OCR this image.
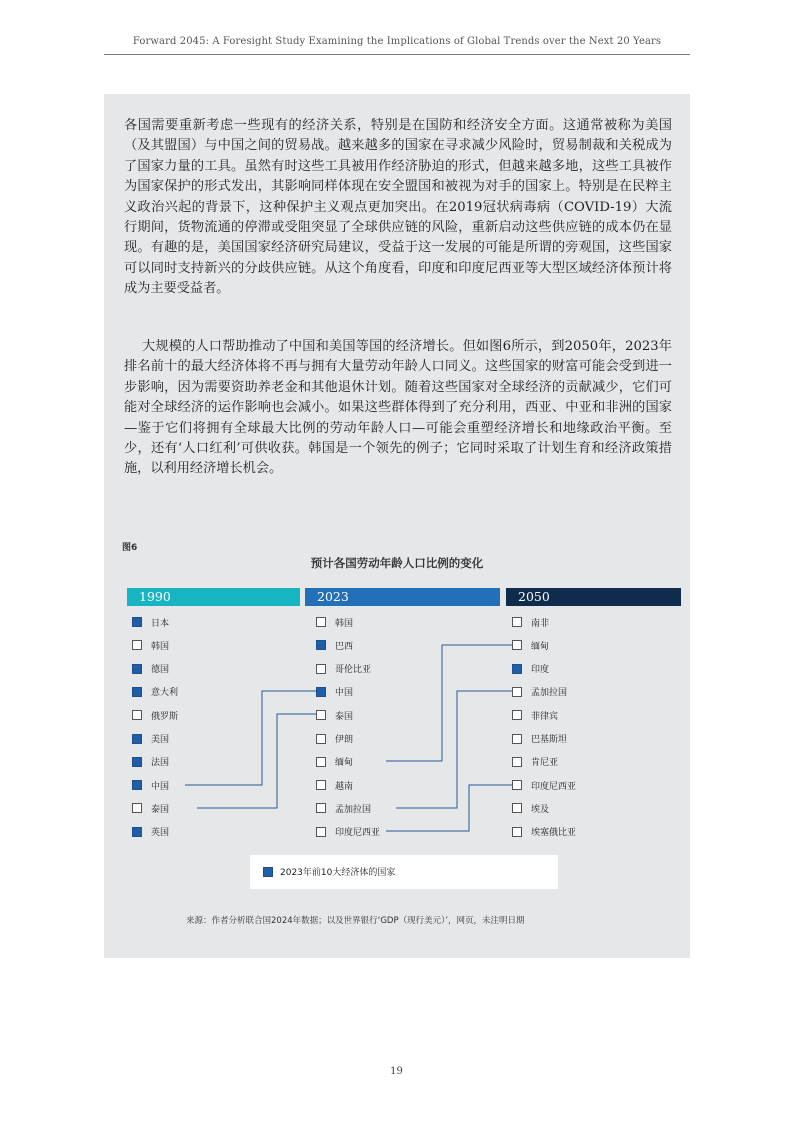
Forward 2045: A Foresight Study Examining the Implications of Global Trends over the Next 20 Years

各国需要重新考虑一些现有的经济关系，特别是在国防和经济安全方面。这通常被称为美国（及其盟国）与中国之间的贸易战。越来越多的国家在寻求减少风险时，贸易制裁和关税成为了国家力量的工具。虽然有时这些工具被用作经济胁迫的形式，但越来越多地，这些工具被作为国家保护的形式发出，其影响同样体现在安全盟国和被视为对手的国家上。特别是在民粹主义政治兴起的背景下，这种保护主义观点更加突出。在2019冠状病毒病（COVID-19）大流行期间，货物流通的停滞或受阻突显了全球供应链的风险，重新启动这些供应链的成本仍在显现。有趣的是，美国国家经济研究局建议，受益于这一发展的可能是所谓的旁观国，这些国家可以同时支持新兴的分歧供应链。从这个角度看，印度和印度尼西亚等大型区域经济体预计将成为主要受益者。

大规模的人口帮助推动了中国和美国等国的经济增长。但如图6所示，到2050年，2023年排名前十的最大经济体将不再与拥有大量劳动年龄人口同义。这些国家的财富可能会受到进一步影响，因为需要资助养老金和其他退休计划。随着这些国家对全球经济的贡献减少，它们可能对全球经济的运作影响也会减小。如果这些群体得到了充分利用，西亚、中亚和非洲的国家—鉴于它们将拥有全球最大比例的劳动年龄人口—可能会重塑经济增长和地缘政治平衡。至少，还有‘人口红利’可供收获。韩国是一个领先的例子；它同时采取了计划生育和经济政策措施，以利用经济增长机会。

图6
预计各国劳动年龄人口比例的变化
1990	2023	2050
日本
韩国
德国
意大利
俄罗斯
美国
法国
中国
泰国
英国
韩国
巴西
哥伦比亚
中国
泰国
伊朗
缅甸
越南
孟加拉国
印度尼西亚
南非
缅甸
印度
孟加拉国
菲律宾
巴基斯坦
肯尼亚
印度尼西亚
埃及
埃塞俄比亚
2023年前10大经济体的国家
来源：作者分析联合国2024年数据；以及世界银行‘GDP（现行美元）’，网页，未注明日期
19
